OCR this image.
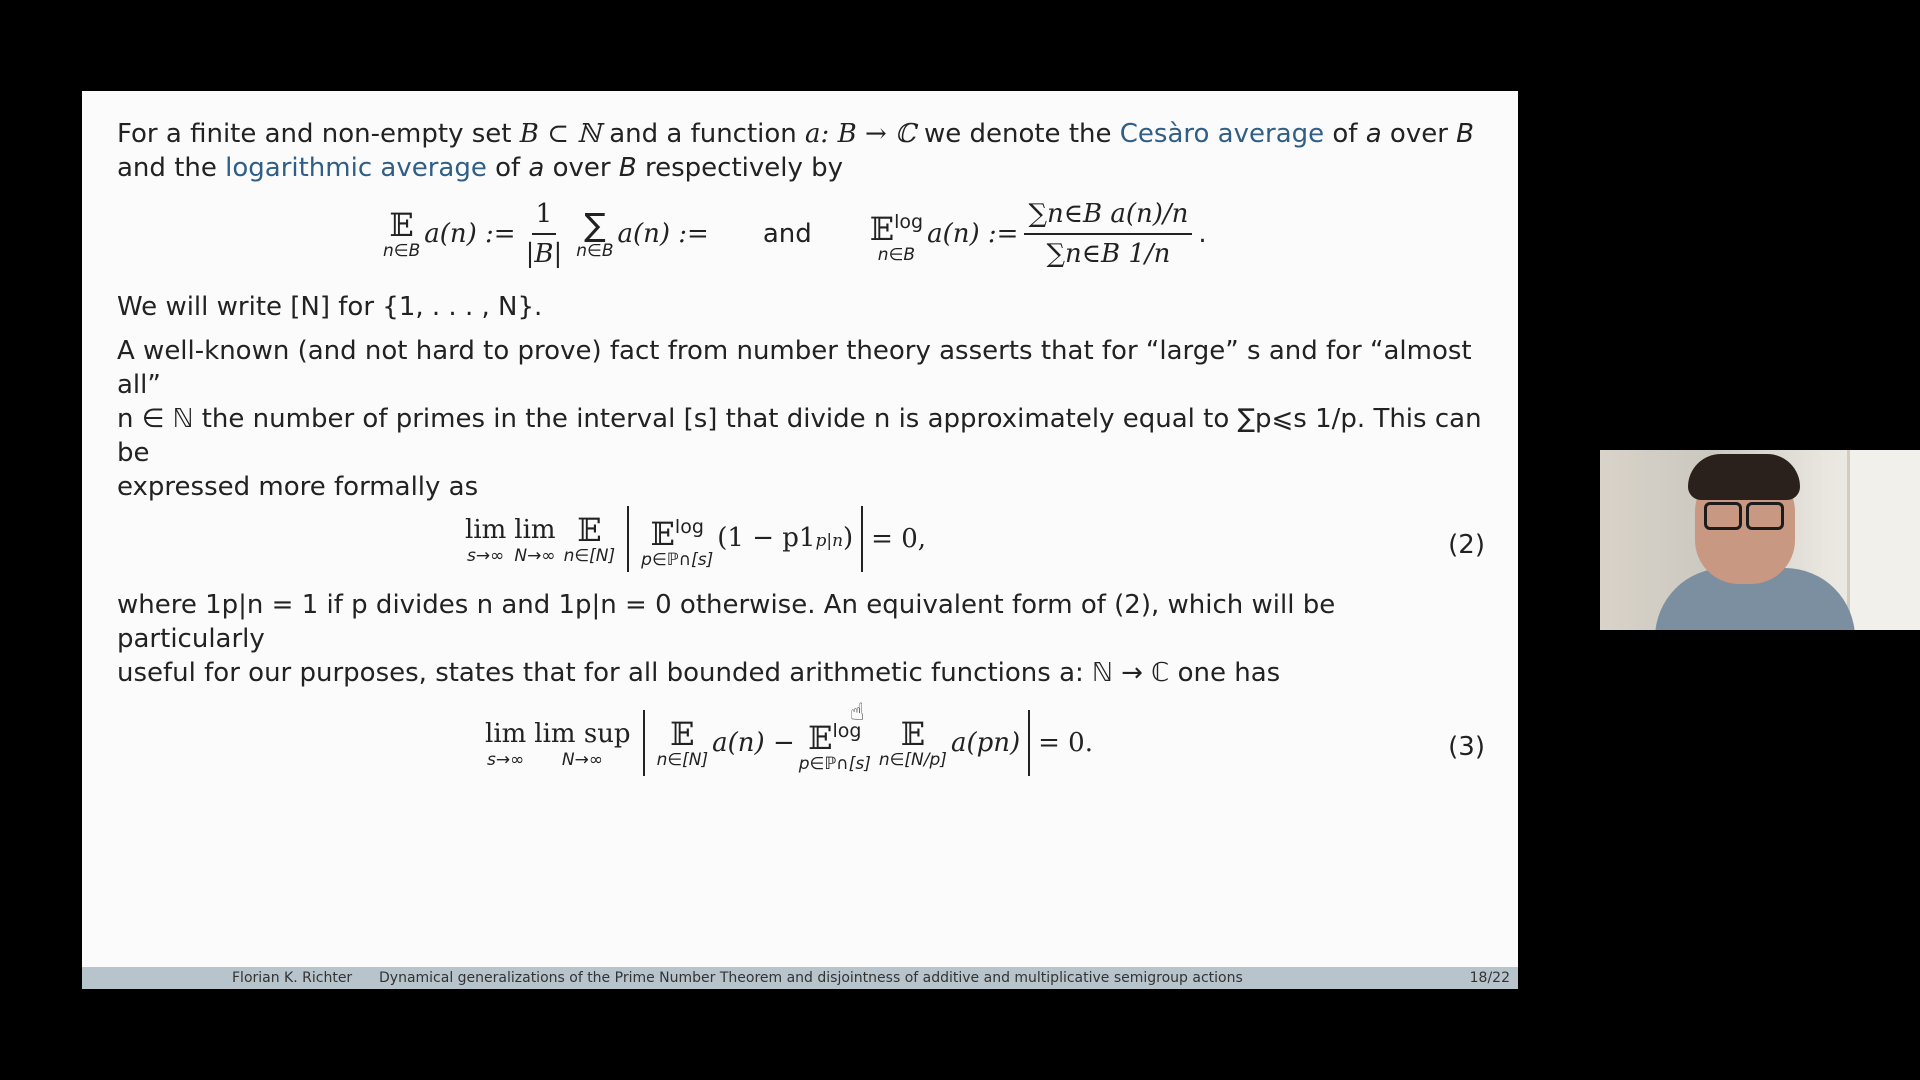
For a finite and non-empty set B ⊂ ℕ and a function a: B → ℂ we denote the Cesàro average of a over B and the logarithmic average of a over B respectively by

𝔼
n∈B
a(n) := $\frac{1}{|B|}$ ∑
n∈B
a(n) := and 𝔼$^{log}$
n∈B
a(n) := $\frac{\text{∑n∈B a(n)/n}}{\sum n\in B 1/n}$ .

We will write [N] for {1, . . . , N}.

A well-known (and not hard to prove) fact from number theory asserts that for “large” s and for “almost all”
n ∈ ℕ the number of primes in the interval [s] that divide n is approximately equal to ∑p⩽s 1/p. This can be
expressed more formally as

lim
s→∞
lim
N→∞
𝔼
n∈[N]
𝔼$^{log}$
p∈ℙ∩[s]
(1 − p1p|n) = 0,	(2)

where 1p|n = 1 if p divides n and 1p|n = 0 otherwise. An equivalent form of (2), which will be particularly
useful for our purposes, states that for all bounded arithmetic functions a: ℕ → ℂ one has

lim
s→∞
lim sup
N→∞
𝔼
n∈[N]
a(n) − 𝔼$^{log}$
p∈ℙ∩[s]
𝔼
n∈[N/p]
a(pn) = 0.	(3)
Florian K. Richter Dynamical generalizations of the Prime Number Theorem and disjointness of additive and multiplicative semigroup actions	18/22
☝
